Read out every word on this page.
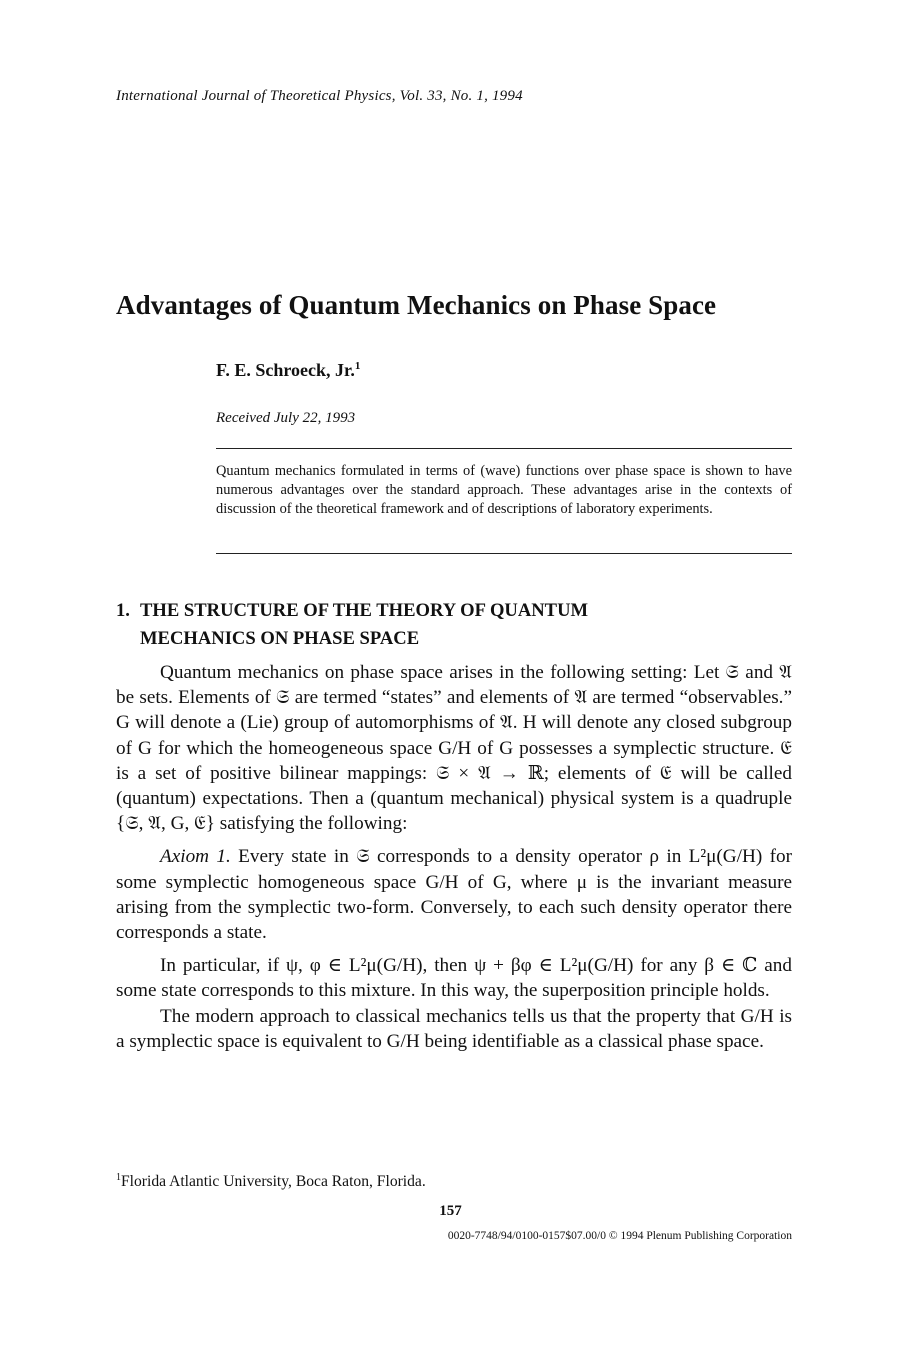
International Journal of Theoretical Physics, Vol. 33, No. 1, 1994
Advantages of Quantum Mechanics on Phase Space
F. E. Schroeck, Jr.$^1$
Received July 22, 1993
Quantum mechanics formulated in terms of (wave) functions over phase space is shown to have numerous advantages over the standard approach. These advantages arise in the contexts of discussion of the theoretical framework and of descriptions of laboratory experiments.
1. THE STRUCTURE OF THE THEORY OF QUANTUM
MECHANICS ON PHASE SPACE

Quantum mechanics on phase space arises in the following setting: Let 𝔖 and 𝔄 be sets. Elements of 𝔖 are termed “states” and elements of 𝔄 are termed “observables.” G will denote a (Lie) group of automorphisms of 𝔄. H will denote any closed subgroup of G for which the homeogeneous space G/H of G possesses a symplectic structure. 𝔈 is a set of positive bilinear mappings: 𝔖 × 𝔄 → ℝ; elements of 𝔈 will be called (quantum) expectations. Then a (quantum mechanical) physical system is a quadruple {𝔖, 𝔄, G, 𝔈} satisfying the following:

Axiom 1. Every state in 𝔖 corresponds to a density operator ρ in L²μ(G/H) for some symplectic homogeneous space G/H of G, where μ is the invariant measure arising from the symplectic two-form. Conversely, to each such density operator there corresponds a state.

In particular, if ψ, φ ∈ L²μ(G/H), then ψ + βφ ∈ L²μ(G/H) for any β ∈ ℂ and some state corresponds to this mixture. In this way, the superposition principle holds.

The modern approach to classical mechanics tells us that the property that G/H is a symplectic space is equivalent to G/H being identifiable as a classical phase space.

$^1$Florida Atlantic University, Boca Raton, Florida.
157
0020-7748/94/0100-0157$07.00/0 © 1994 Plenum Publishing Corporation
